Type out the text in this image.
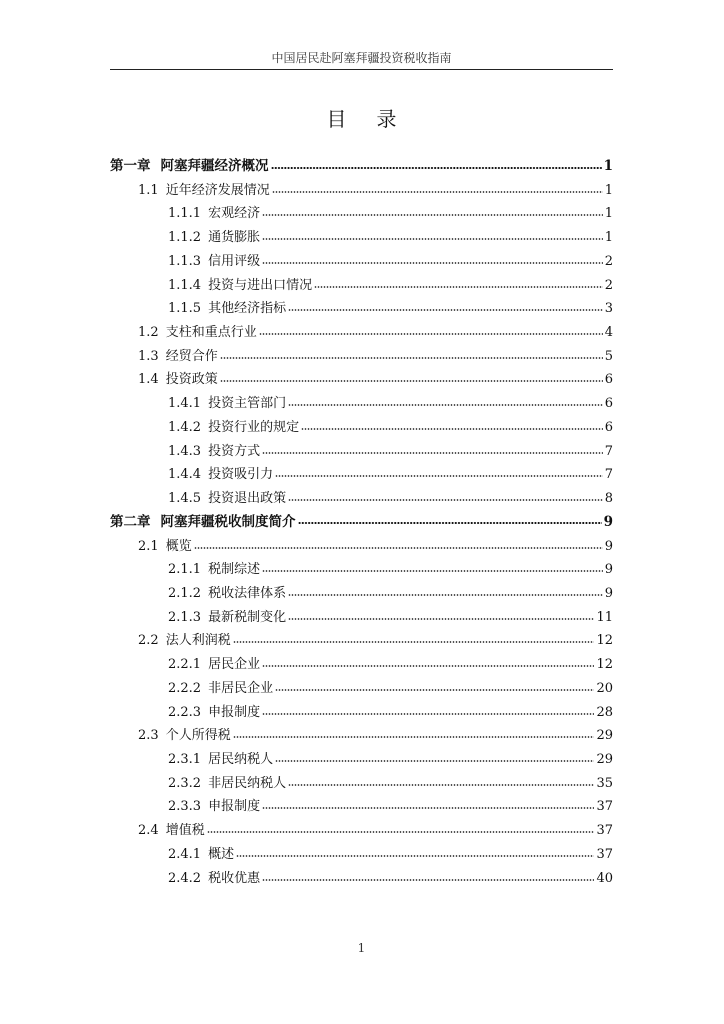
中国居民赴阿塞拜疆投资税收指南
目录
第一章 阿塞拜疆经济概况	1
1.1 近年经济发展情况	1
1.1.1 宏观经济	1
1.1.2 通货膨胀	1
1.1.3 信用评级	2
1.1.4 投资与进出口情况	2
1.1.5 其他经济指标	3
1.2 支柱和重点行业	4
1.3 经贸合作	5
1.4 投资政策	6
1.4.1 投资主管部门	6
1.4.2 投资行业的规定	6
1.4.3 投资方式	7
1.4.4 投资吸引力	7
1.4.5 投资退出政策	8
第二章 阿塞拜疆税收制度简介	9
2.1 概览	9
2.1.1 税制综述	9
2.1.2 税收法律体系	9
2.1.3 最新税制变化	11
2.2 法人利润税	12
2.2.1 居民企业	12
2.2.2 非居民企业	20
2.2.3 申报制度	28
2.3 个人所得税	29
2.3.1 居民纳税人	29
2.3.2 非居民纳税人	35
2.3.3 申报制度	37
2.4 增值税	37
2.4.1 概述	37
2.4.2 税收优惠	40
1
